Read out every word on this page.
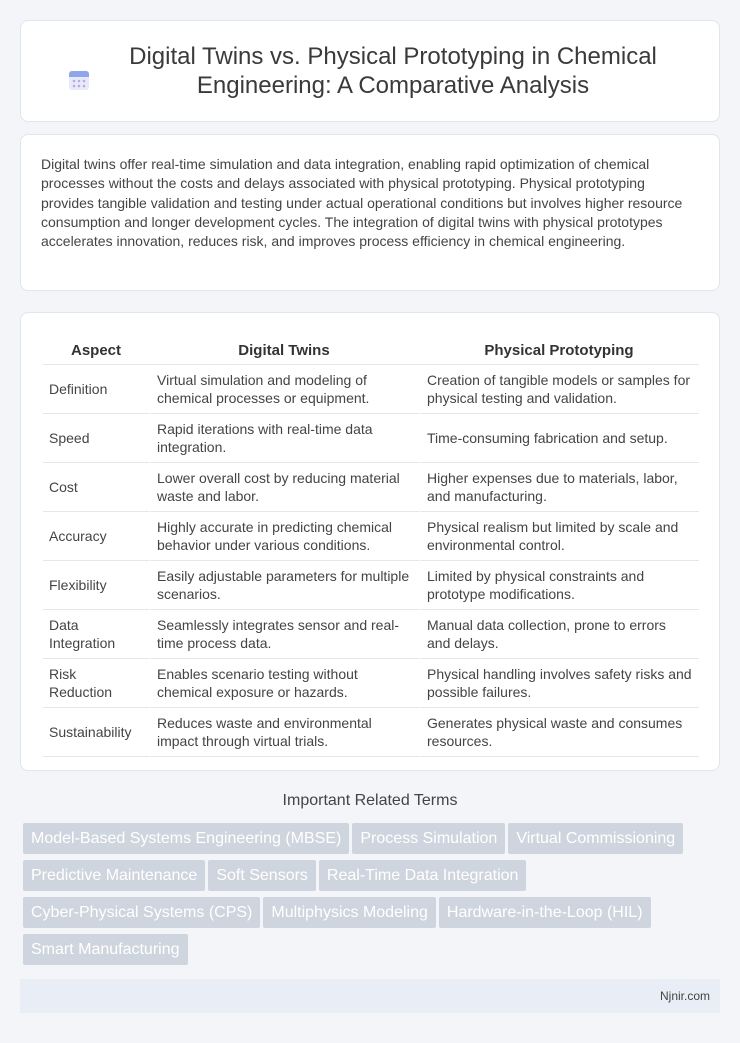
Digital Twins vs. Physical Prototyping in Chemical Engineering: A Comparative Analysis

Digital twins offer real-time simulation and data integration, enabling rapid optimization of chemical processes without the costs and delays associated with physical prototyping. Physical prototyping provides tangible validation and testing under actual operational conditions but involves higher resource consumption and longer development cycles. The integration of digital twins with physical prototypes accelerates innovation, reduces risk, and improves process efficiency in chemical engineering.

Aspect	Digital Twins	Physical Prototyping
Definition	Virtual simulation and modeling of chemical processes or equipment.	Creation of tangible models or samples for physical testing and validation.
Speed	Rapid iterations with real-time data integration.	Time-consuming fabrication and setup.
Cost	Lower overall cost by reducing material waste and labor.	Higher expenses due to materials, labor, and manufacturing.
Accuracy	Highly accurate in predicting chemical behavior under various conditions.	Physical realism but limited by scale and environmental control.
Flexibility	Easily adjustable parameters for multiple scenarios.	Limited by physical constraints and prototype modifications.
Data Integration	Seamlessly integrates sensor and real-time process data.	Manual data collection, prone to errors and delays.
Risk Reduction	Enables scenario testing without chemical exposure or hazards.	Physical handling involves safety risks and possible failures.
Sustainability	Reduces waste and environmental impact through virtual trials.	Generates physical waste and consumes resources.
Important Related Terms
Model-Based Systems Engineering (MBSE) Process Simulation Virtual Commissioning
Predictive Maintenance Soft Sensors Real-Time Data Integration
Cyber-Physical Systems (CPS) Multiphysics Modeling Hardware-in-the-Loop (HIL)
Smart Manufacturing
Njnir.com
